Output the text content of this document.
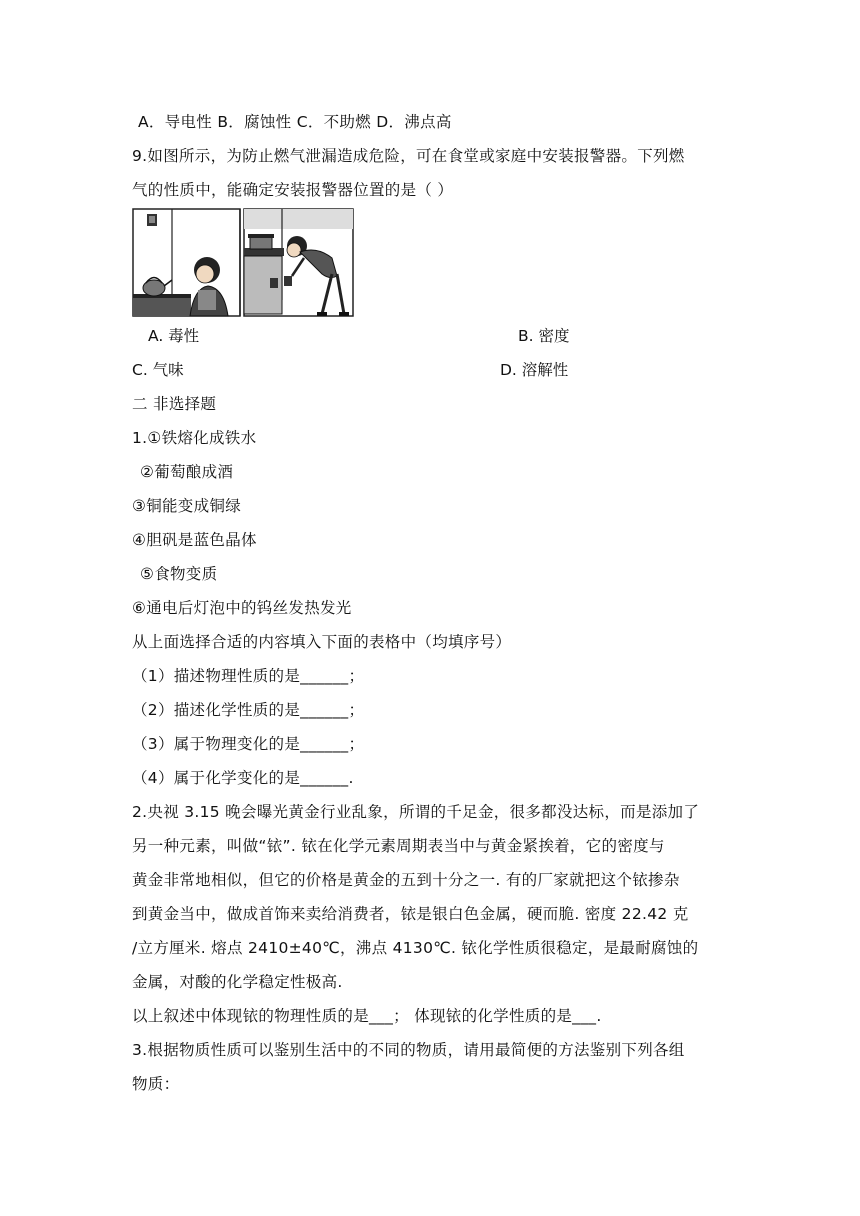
A．导电性 B．腐蚀性 C．不助燃 D．沸点高
9.如图所示，为防止燃气泄漏造成危险，可在食堂或家庭中安装报警器。下列燃
气的性质中，能确定安装报警器位置的是（ ）
A. 毒性	B. 密度
C. 气味	D. 溶解性
二 非选择题
1.①铁熔化成铁水
②葡萄酿成酒
③铜能变成铜绿
④胆矾是蓝色晶体
⑤食物变质
⑥通电后灯泡中的钨丝发热发光
从上面选择合适的内容填入下面的表格中（均填序号）
（1）描述物理性质的是______；
（2）描述化学性质的是______；
（3）属于物理变化的是______；
（4）属于化学变化的是______.
2.央视 3.15 晚会曝光黄金行业乱象，所谓的千足金，很多都没达标，而是添加了
另一种元素，叫做“铱”. 铱在化学元素周期表当中与黄金紧挨着，它的密度与
黄金非常地相似，但它的价格是黄金的五到十分之一. 有的厂家就把这个铱掺杂
到黄金当中，做成首饰来卖给消费者，铱是银白色金属，硬而脆. 密度 22.42 克
/立方厘米. 熔点 2410±40℃，沸点 4130℃. 铱化学性质很稳定，是最耐腐蚀的
金属，对酸的化学稳定性极高.
以上叙述中体现铱的物理性质的是___； 体现铱的化学性质的是___.
3.根据物质性质可以鉴别生活中的不同的物质，请用最简便的方法鉴别下列各组
物质：
